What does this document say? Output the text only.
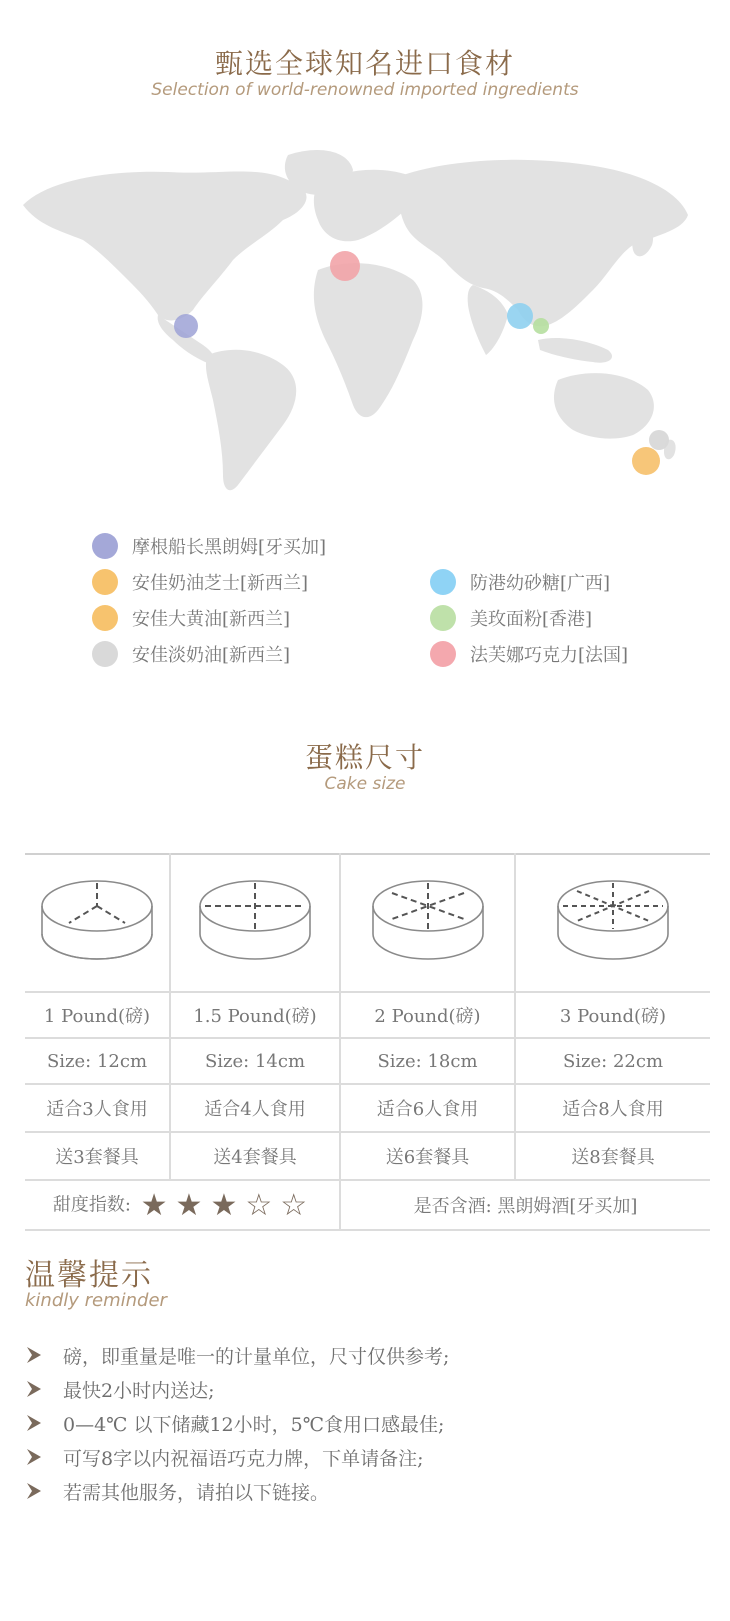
甄选全球知名进口食材
Selection of world-renowned imported ingredients
摩根船长黑朗姆[牙买加]
安佳奶油芝士[新西兰]
安佳大黄油[新西兰]
安佳淡奶油[新西兰]
防港幼砂糖[广西]
美玫面粉[香港]
法芙娜巧克力[法国]
蛋糕尺寸
Cake size

1 Pound(磅)	1.5 Pound(磅)	2 Pound(磅)	3 Pound(磅)
Size: 12cm	Size: 14cm	Size: 18cm	Size: 22cm
适合3人食用	适合4人食用	适合6人食用	适合8人食用
送3套餐具	送4套餐具	送6套餐具	送8套餐具
甜度指数: ★ ★ ★ ☆ ☆		是否含酒: 黑朗姆酒[牙买加]	
温馨提示
kindly reminder
磅，即重量是唯一的计量单位，尺寸仅供参考;
最快2小时内送达;
0—4℃ 以下储藏12小时，5℃食用口感最佳;
可写8字以内祝福语巧克力牌，下单请备注;
若需其他服务，请拍以下链接。
